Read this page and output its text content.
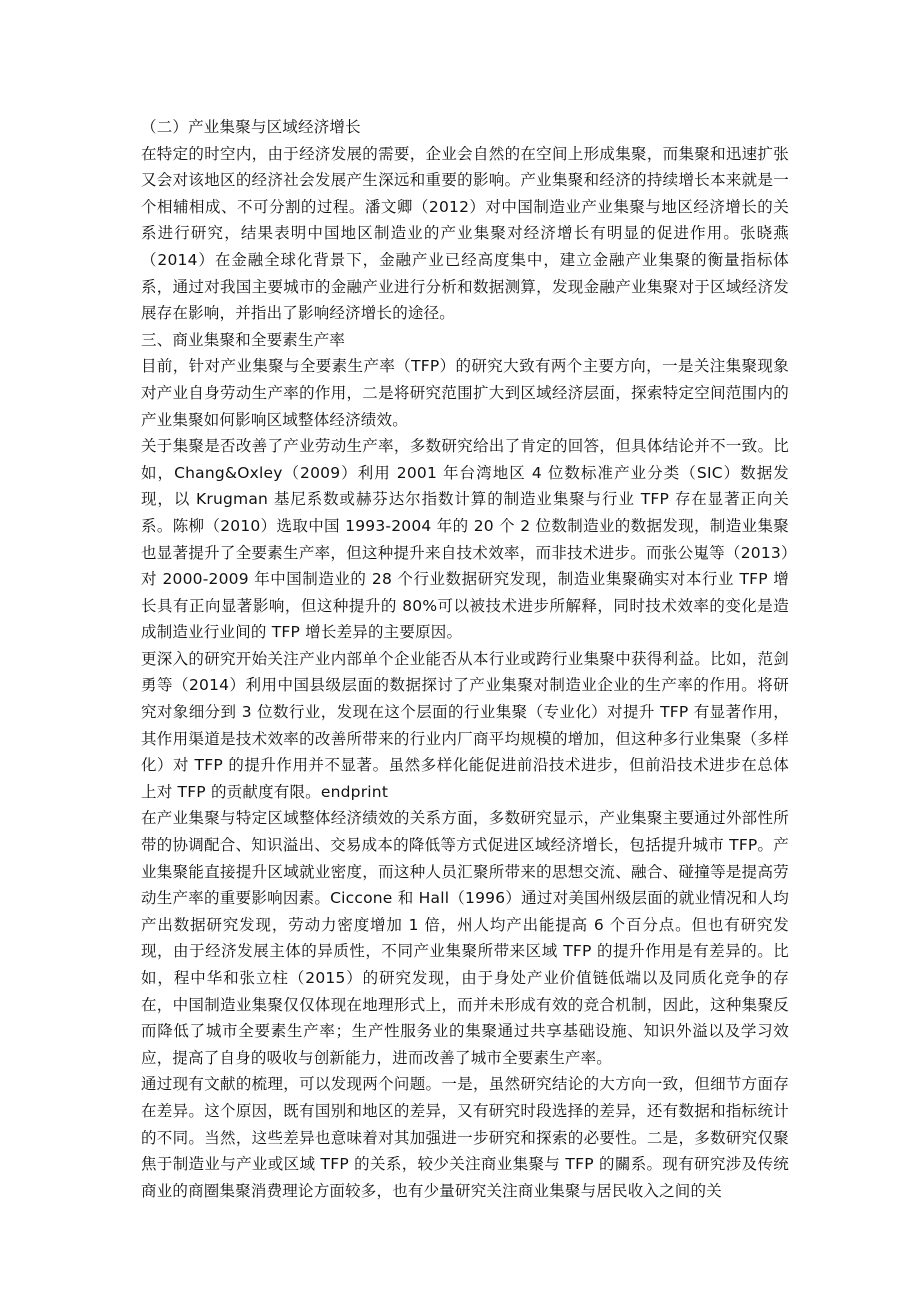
（二）产业集聚与区域经济增长

在特定的时空内，由于经济发展的需要，企业会自然的在空间上形成集聚，而集聚和迅速扩张又会对该地区的经济社会发展产生深远和重要的影响。产业集聚和经济的持续增长本来就是一个相辅相成、不可分割的过程。潘文卿（2012）对中国制造业产业集聚与地区经济增长的关系进行研究，结果表明中国地区制造业的产业集聚对经济增长有明显的促进作用。张晓燕（2014）在金融全球化背景下，金融产业已经高度集中，建立金融产业集聚的衡量指标体系，通过对我国主要城市的金融产业进行分析和数据测算，发现金融产业集聚对于区域经济发展存在影响，并指出了影响经济增长的途径。

三、商业集聚和全要素生产率

目前，针对产业集聚与全要素生产率（TFP）的研究大致有两个主要方向，一是关注集聚现象对产业自身劳动生产率的作用，二是将研究范围扩大到区域经济层面，探索特定空间范围内的产业集聚如何影响区域整体经济绩效。

关于集聚是否改善了产业劳动生产率，多数研究给出了肯定的回答，但具体结论并不一致。比如，Chang&Oxley（2009）利用 2001 年台湾地区 4 位数标准产业分类（SIC）数据发现，以 Krugman 基尼系数或赫芬达尔指数计算的制造业集聚与行业 TFP 存在显著正向关系。陈柳（2010）选取中国 1993-2004 年的 20 个 2 位数制造业的数据发现，制造业集聚也显著提升了全要素生产率，但这种提升来自技术效率，而非技术进步。而张公嵬等（2013）对 2000-2009 年中国制造业的 28 个行业数据研究发现，制造业集聚确实对本行业 TFP 增长具有正向显著影响，但这种提升的 80%可以被技术进步所解释，同时技术效率的变化是造成制造业行业间的 TFP 增长差异的主要原因。

更深入的研究开始关注产业内部单个企业能否从本行业或跨行业集聚中获得利益。比如，范剑勇等（2014）利用中国县级层面的数据探讨了产业集聚对制造业企业的生产率的作用。将研究对象细分到 3 位数行业，发现在这个层面的行业集聚（专业化）对提升 TFP 有显著作用，其作用渠道是技术效率的改善所带来的行业内厂商平均规模的增加，但这种多行业集聚（多样化）对 TFP 的提升作用并不显著。虽然多样化能促进前沿技术进步，但前沿技术进步在总体上对 TFP 的贡献度有限。endprint

在产业集聚与特定区域整体经济绩效的关系方面，多数研究显示，产业集聚主要通过外部性所带的协调配合、知识溢出、交易成本的降低等方式促进区域经济增长，包括提升城市 TFP。产业集聚能直接提升区域就业密度，而这种人员汇聚所带来的思想交流、融合、碰撞等是提高劳动生产率的重要影响因素。Ciccone 和 Hall（1996）通过对美国州级层面的就业情况和人均产出数据研究发现，劳动力密度增加 1 倍，州人均产出能提高 6 个百分点。但也有研究发现，由于经济发展主体的异质性，不同产业集聚所带来区域 TFP 的提升作用是有差异的。比如，程中华和张立柱（2015）的研究发现，由于身处产业价值链低端以及同质化竞争的存在，中国制造业集聚仅仅体现在地理形式上，而并未形成有效的竞合机制，因此，这种集聚反而降低了城市全要素生产率；生产性服务业的集聚通过共享基础设施、知识外溢以及学习效应，提高了自身的吸收与创新能力，进而改善了城市全要素生产率。

通过现有文献的梳理，可以发现两个问题。一是，虽然研究结论的大方向一致，但细节方面存在差异。这个原因，既有国别和地区的差异，又有研究时段选择的差异，还有数据和指标统计的不同。当然，这些差异也意味着对其加强进一步研究和探索的必要性。二是，多数研究仅聚焦于制造业与产业或区域 TFP 的关系，较少关注商业集聚与 TFP 的關系。现有研究涉及传统商业的商圈集聚消费理论方面较多，也有少量研究关注商业集聚与居民收入之间的关
